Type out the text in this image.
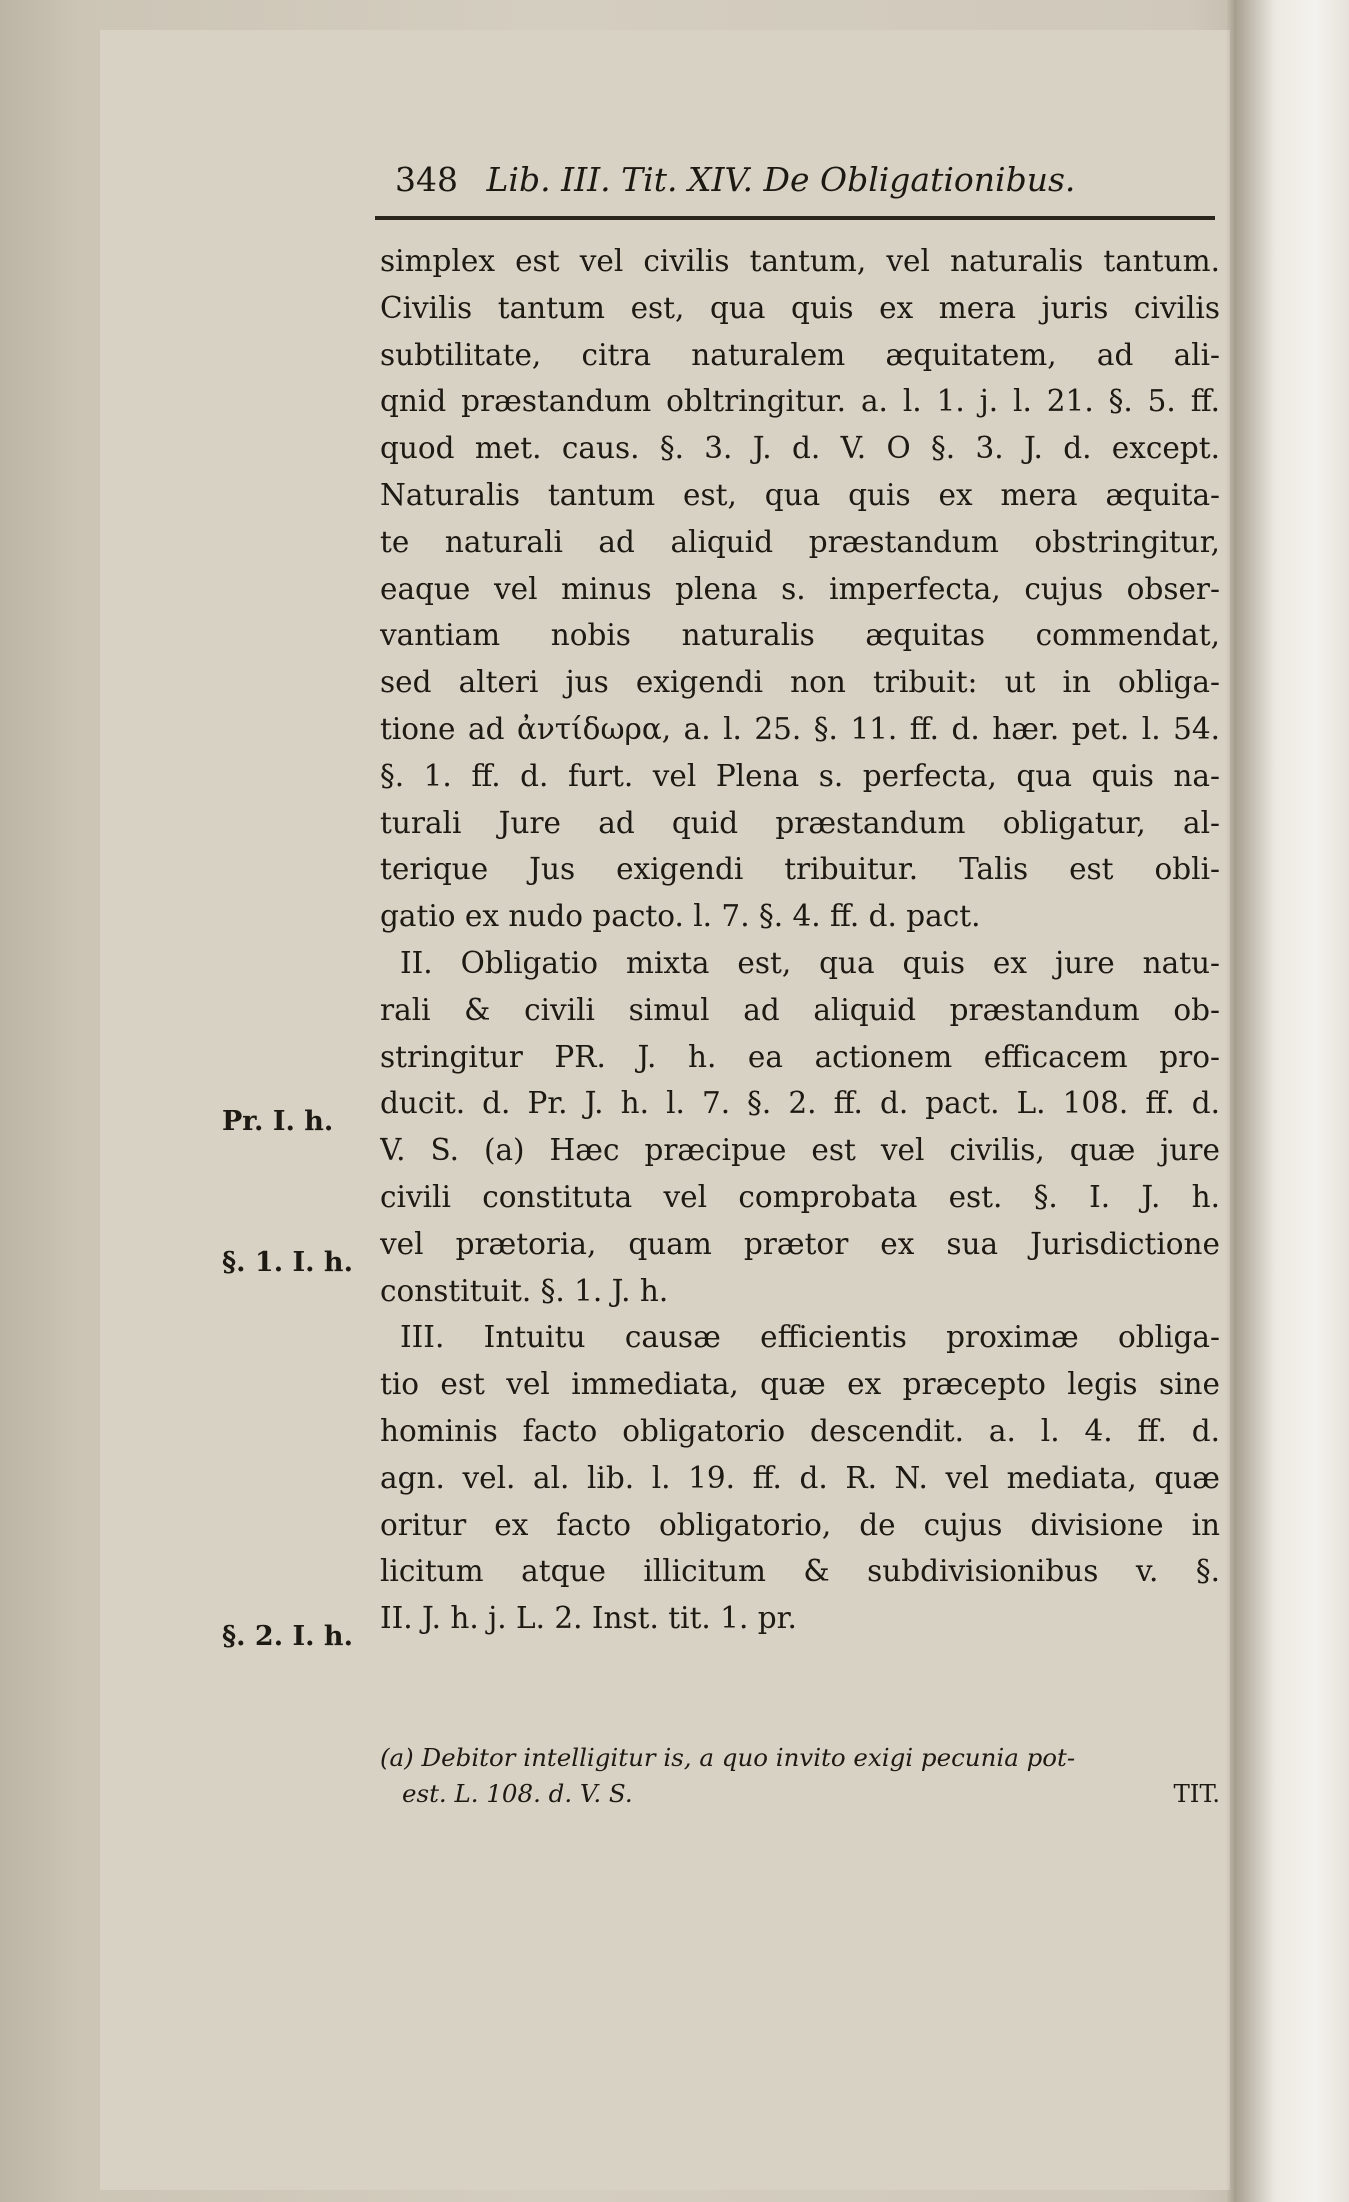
348 Lib. III. Tit. XIV. De Obligationibus.
simplex est vel civilis tantum, vel naturalis tantum.
Civilis tantum est, qua quis ex mera juris civilis
subtilitate, citra naturalem æquitatem, ad ali-
qnid præstandum obltringitur. a. l. 1. j. l. 21. §. 5. ff.
quod met. caus. §. 3. J. d. V. O §. 3. J. d. except.
Naturalis tantum est, qua quis ex mera æquita-
te naturali ad aliquid præstandum obstringitur,
eaque vel minus plena s. imperfecta, cujus obser-
vantiam nobis naturalis æquitas commendat,
sed alteri jus exigendi non tribuit: ut in obliga-
tione ad ἀντίδωρα, a. l. 25. §. 11. ff. d. hær. pet. l. 54.
§. 1. ff. d. furt. vel Plena s. perfecta, qua quis na-
turali Jure ad quid præstandum obligatur, al-
terique Jus exigendi tribuitur. Talis est obli-
gatio ex nudo pacto. l. 7. §. 4. ff. d. pact.
II. Obligatio mixta est, qua quis ex jure natu-
rali & civili simul ad aliquid præstandum ob-
stringitur PR. J. h. ea actionem efficacem pro-
ducit. d. Pr. J. h. l. 7. §. 2. ff. d. pact. L. 108. ff. d.
V. S. (a) Hæc præcipue est vel civilis, quæ jure
civili constituta vel comprobata est. §. I. J. h.
vel prætoria, quam prætor ex sua Jurisdictione
constituit. §. 1. J. h.
III. Intuitu causæ efficientis proximæ obliga-
tio est vel immediata, quæ ex præcepto legis sine
hominis facto obligatorio descendit. a. l. 4. ff. d.
agn. vel. al. lib. l. 19. ff. d. R. N. vel mediata, quæ
oritur ex facto obligatorio, de cujus divisione in
licitum atque illicitum & subdivisionibus v. §.
II. J. h. j. L. 2. Inst. tit. 1. pr.
Pr. I. h.
§. 1. I. h.
§. 2. I. h.
(a) Debitor intelligitur is, a quo invito exigi pecunia pot-
est. L. 108. d. V. S.	TIT.
